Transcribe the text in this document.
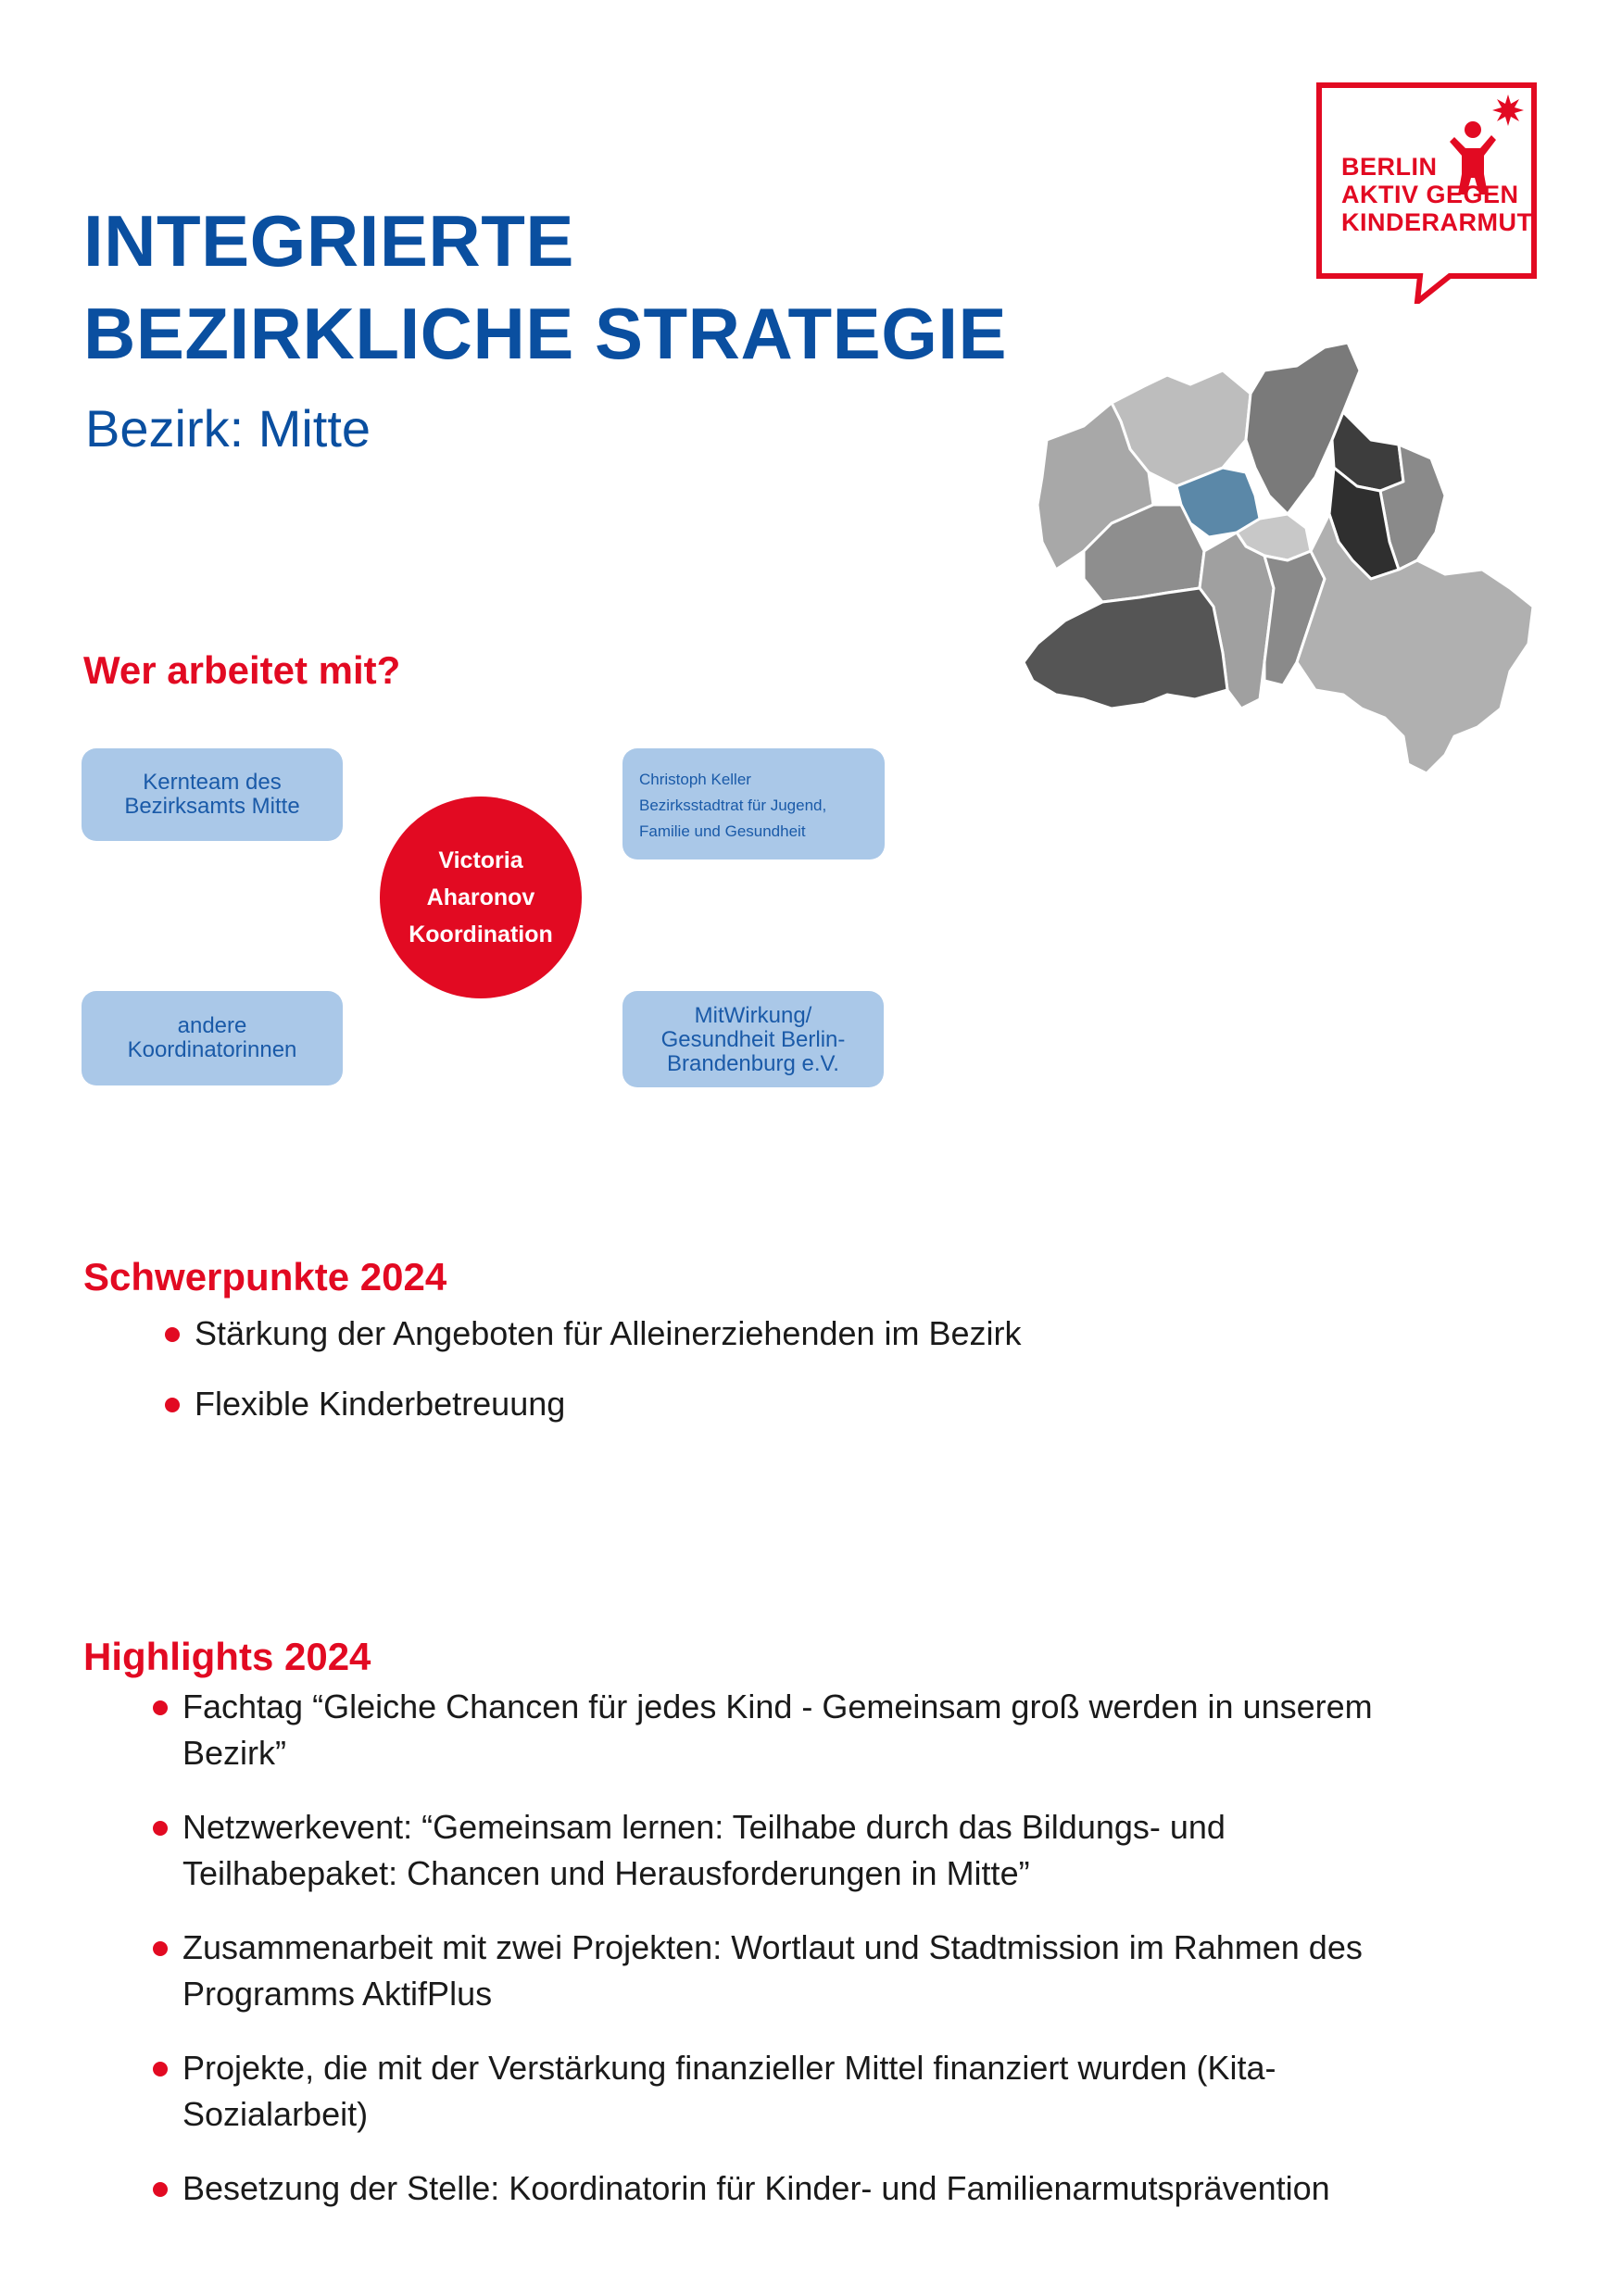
INTEGRIERTE
BEZIRKLICHE STRATEGIE
Bezirk: Mitte
BERLIN
AKTIV GEGEN
KINDERARMUT
Wer arbeitet mit?
Kernteam des
Bezirksamts Mitte
Christoph Keller
Bezirksstadtrat für Jugend,
Familie und Gesundheit
Victoria
Aharonov
Koordination
andere
Koordinatorinnen
MitWirkung/
Gesundheit Berlin-
Brandenburg e.V.
Schwerpunkte 2024
Stärkung der Angeboten für Alleinerziehenden im Bezirk
Flexible Kinderbetreuung
Highlights 2024
Fachtag “Gleiche Chancen für jedes Kind - Gemeinsam groß werden in unserem
Bezirk”
Netzwerkevent: “Gemeinsam lernen: Teilhabe durch das Bildungs- und
Teilhabepaket: Chancen und Herausforderungen in Mitte”
Zusammenarbeit mit zwei Projekten: Wortlaut und Stadtmission im Rahmen des
Programms AktifPlus
Projekte, die mit der Verstärkung finanzieller Mittel finanziert wurden (Kita-
Sozialarbeit)
Besetzung der Stelle: Koordinatorin für Kinder- und Familienarmutsprävention
